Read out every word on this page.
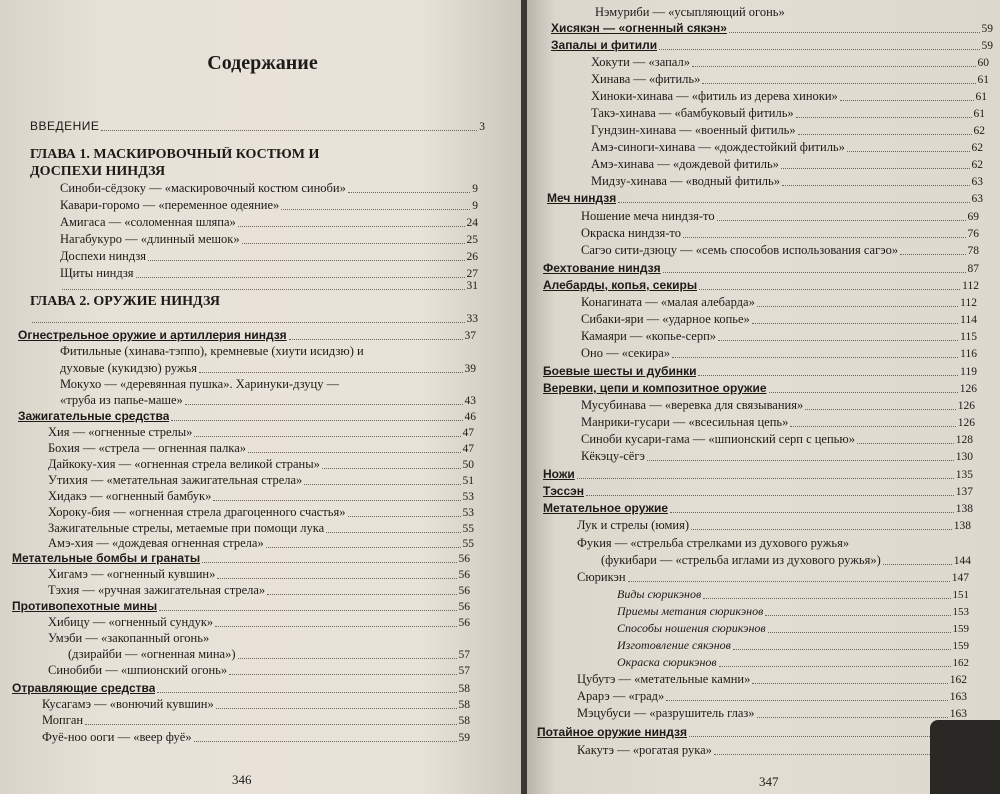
Содержание
ВВЕДЕНИЕ	3
ГЛАВА 1. МАСКИРОВОЧНЫЙ КОСТЮМ И
ДОСПЕХИ НИНДЗЯ
Синоби-сёдзоку — «маскировочный костюм синоби»	9
Кавари-горомо — «переменное одеяние»	9
Амигаса — «соломенная шляпа»	24
Нагабукуро — «длинный мешок»	25
Доспехи ниндзя	26
Щиты ниндзя	27
31
ГЛАВА 2. ОРУЖИЕ НИНДЗЯ
33
Огнестрельное оружие и артиллерия ниндзя	37
Фитильные (хинава-тэппо), кремневые (хиути исидзю) и
духовые (кукидзю) ружья	39
Мокухо — «деревянная пушка». Харинуки-дзуцу —
«труба из папье-маше»	43
Зажигательные средства	46
Хия — «огненные стрелы»	47
Бохия — «стрела — огненная палка»	47
Дайкоку-хия — «огненная стрела великой страны»	50
Утихия — «метательная зажигательная стрела»	51
Хидакэ — «огненный бамбук»	53
Хороку-бия — «огненная стрела драгоценного счастья»	53
Зажигательные стрелы, метаемые при помощи лука	55
Амэ-хия — «дождевая огненная стрела»	55
Метательные бомбы и гранаты	56
Хигамэ — «огненный кувшин»	56
Тэхия — «ручная зажигательная стрела»	56
Противопехотные мины	56
Хибицу — «огненный сундук»	56
Умэби — «закопанный огонь»
(дзирайби — «огненная мина»)	57
Синобиби — «шпионский огонь»	57
Отравляющие средства	58
Кусагамэ — «вонючий кувшин»	58
Мопган	58
Фуё-ноо ооги — «веер фуё»	59
346
Нэмуриби — «усыпляющий огонь»
Хисякэн — «огненный сякэн»	59
Запалы и фитили	59
Хокути — «запал»	60
Хинава — «фитиль»	61
Хиноки-хинава — «фитиль из дерева хиноки»	61
Такэ-хинава — «бамбуковый фитиль»	61
Гундзин-хинава — «военный фитиль»	62
Амэ-синоги-хинава — «дождестойкий фитиль»	62
Амэ-хинава — «дождевой фитиль»	62
Мидзу-хинава — «водный фитиль»	63
Меч ниндзя	63
Ношение меча ниндзя-то	69
Окраска ниндзя-то	76
Сагэо сити-дзюцу — «семь способов использования сагэо»	78
Фехтование ниндзя	87
Алебарды, копья, секиры	112
Конагината — «малая алебарда»	112
Сибаки-яри — «ударное копье»	114
Камаяри — «копье-серп»	115
Оно — «секира»	116
Боевые шесты и дубинки	119
Веревки, цепи и композитное оружие	126
Мусубинава — «веревка для связывания»	126
Манрики-гусари — «всесильная цепь»	126
Синоби кусари-гама — «шпионский серп с цепью»	128
Кёкэцу-сёгэ	130
Ножи	135
Тэссэн	137
Метательное оружие	138
Лук и стрелы (юмия)	138
Фукия — «стрельба стрелками из духового ружья»
(фукибари — «стрельба иглами из духового ружья»)	144
Сюрикэн	147
Виды сюрикэнов	151
Приемы метания сюрикэнов	153
Способы ношения сюрикэнов	159
Изготовление сякэнов	159
Окраска сюрикэнов	162
Цубутэ — «метательные камни»	162
Арарэ — «град»	163
Мэцубуси — «разрушитель глаз»	163
Потайное оружие ниндзя
Какутэ — «рогатая рука»
347	www.ay.by
